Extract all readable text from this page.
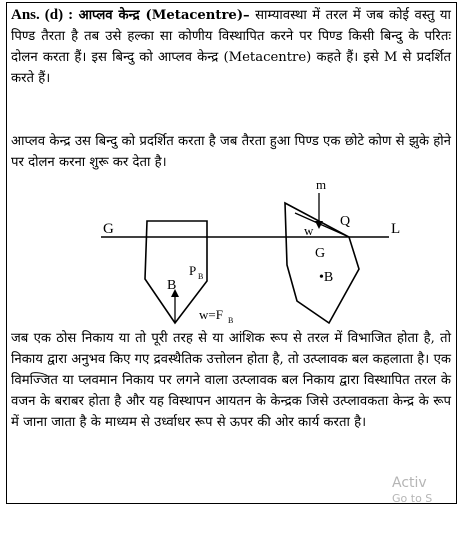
Ans. (d) : आप्लव केन्द्र (Metacentre)– साम्यावस्था में तरल में जब कोई वस्तु या पिण्ड तैरता है तब उसे हल्का सा कोणीय विस्थापित करने पर पिण्ड किसी बिन्दु के परितः दोलन करता हैं। इस बिन्दु को आप्लव केन्द्र (Metacentre) कहते हैं। इसे M से प्रदर्शित करते हैं।

आप्लव केन्द्र उस बिन्दु को प्रदर्शित करता है जब तैरता हुआ पिण्ड एक छोटे कोण से झुके होने पर दोलन करना शुरू कर देता है।

G
B
P B
w=F B
m
Q
w
G
•B
L

जब एक ठोस निकाय या तो पूरी तरह से या आंशिक रूप से तरल में विभाजित होता है, तो निकाय द्वारा अनुभव किए गए द्रवस्थैतिक उत्तोलन होता है, तो उत्प्लावक बल कहलाता है। एक विमज्जित या प्लवमान निकाय पर लगने वाला उत्प्लावक बल निकाय द्वारा विस्थापित तरल के वजन के बराबर होता है और यह विस्थापन आयतन के केन्द्रक जिसे उत्प्लावकता केन्द्र के रूप में जाना जाता है के माध्यम से उर्ध्वाधर रूप से ऊपर की ओर कार्य करता है।

Activ
Go to S
